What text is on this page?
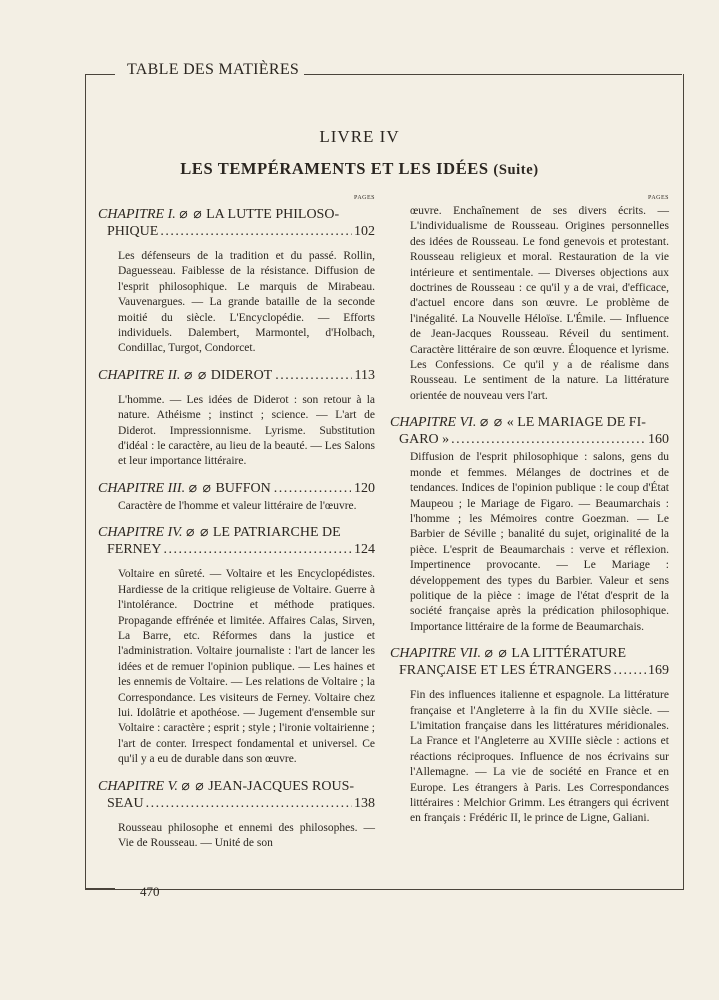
TABLE DES MATIÈRES
LIVRE IV
LES TEMPÉRAMENTS ET LES IDÉES (Suite)
PAGES
CHAPITRE I. ⌀ ⌀ LA LUTTE PHILOSO-
PHIQUE .....	102
Les défenseurs de la tradition et du passé. Rollin, Daguesseau. Faiblesse de la résistance. Diffusion de l'esprit philosophique. Le marquis de Mirabeau. Vauvenargues. — La grande bataille de la seconde moitié du siècle. L'Encyclopédie. — Efforts individuels. Dalembert, Marmontel, d'Holbach, Condillac, Turgot, Condorcet.
CHAPITRE II. ⌀ ⌀ DIDEROT .....	113
L'homme. — Les idées de Diderot : son retour à la nature. Athéisme ; instinct ; science. — L'art de Diderot. Impressionnisme. Lyrisme. Substitution d'idéal : le caractère, au lieu de la beauté. — Les Salons et leur importance littéraire.
CHAPITRE III. ⌀ ⌀ BUFFON .....	120
Caractère de l'homme et valeur littéraire de l'œuvre.
CHAPITRE IV. ⌀ ⌀ LE PATRIARCHE DE
FERNEY .....	124
Voltaire en sûreté. — Voltaire et les Encyclopédistes. Hardiesse de la critique religieuse de Voltaire. Guerre à l'intolérance. Doctrine et méthode pratiques. Propagande effrénée et limitée. Affaires Calas, Sirven, La Barre, etc. Réformes dans la justice et l'administration. Voltaire journaliste : l'art de lancer les idées et de remuer l'opinion publique. — Les haines et les ennemis de Voltaire. — Les relations de Voltaire ; la Correspondance. Les visiteurs de Ferney. Voltaire chez lui. Idolâtrie et apothéose. — Jugement d'ensemble sur Voltaire : caractère ; esprit ; style ; l'ironie voltairienne ; l'art de conter. Irrespect fondamental et universel. Ce qu'il y a eu de durable dans son œuvre.
CHAPITRE V. ⌀ ⌀ JEAN-JACQUES ROUS-
SEAU .....	138
Rousseau philosophe et ennemi des philosophes. — Vie de Rousseau. — Unité de son
PAGES
œuvre. Enchaînement de ses divers écrits. — L'individualisme de Rousseau. Origines personnelles des idées de Rousseau. Le fond genevois et protestant. Rousseau religieux et moral. Restauration de la vie intérieure et sentimentale. — Diverses objections aux doctrines de Rousseau : ce qu'il y a de vrai, d'efficace, d'actuel encore dans son œuvre. Le problème de l'inégalité. La Nouvelle Héloïse. L'Émile. — Influence de Jean-Jacques Rousseau. Réveil du sentiment. Caractère littéraire de son œuvre. Éloquence et lyrisme. Les Confessions. Ce qu'il y a de réalisme dans Rousseau. Le sentiment de la nature. La littérature orientée de nouveau vers l'art.
CHAPITRE VI. ⌀ ⌀ « LE MARIAGE DE FI-
GARO » .....	160
Diffusion de l'esprit philosophique : salons, gens du monde et femmes. Mélanges de doctrines et de tendances. Indices de l'opinion publique : le coup d'État Maupeou ; le Mariage de Figaro. — Beaumarchais : l'homme ; les Mémoires contre Goezman. — Le Barbier de Séville ; banalité du sujet, originalité de la pièce. L'esprit de Beaumarchais : verve et réflexion. Impertinence provocante. — Le Mariage : développement des types du Barbier. Valeur et sens politique de la pièce : image de l'état d'esprit de la société française après la prédication philosophique. Importance littéraire de la forme de Beaumarchais.
CHAPITRE VII. ⌀ ⌀ LA LITTÉRATURE
FRANÇAISE ET LES ÉTRANGERS .....	169
Fin des influences italienne et espagnole. La littérature française et l'Angleterre à la fin du XVIIe siècle. — L'imitation française dans les littératures méridionales. La France et l'Angleterre au XVIIIe siècle : actions et réactions réciproques. Influence de nos écrivains sur l'Allemagne. — La vie de société en France et en Europe. Les étrangers à Paris. Les Correspondances littéraires : Melchior Grimm. Les étrangers qui écrivent en français : Frédéric II, le prince de Ligne, Galiani.
470
